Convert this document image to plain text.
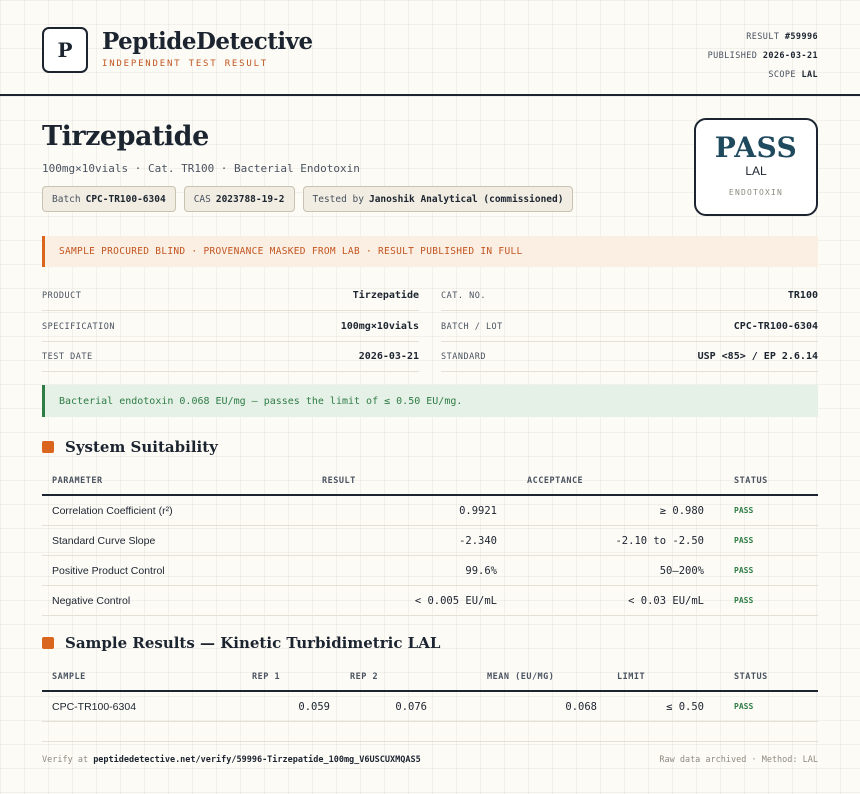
P	PeptideDetective
INDEPENDENT TEST RESULT
RESULT #59996
PUBLISHED 2026-03-21
SCOPE LAL
Tirzepatide
100mg×10vials · Cat. TR100 · Bacterial Endotoxin
Batch CPC-TR100-6304	CAS 2023788-19-2	Tested by Janoshik Analytical (commissioned)
PASS
LAL
ENDOTOXIN
SAMPLE PROCURED BLIND · PROVENANCE MASKED FROM LAB · RESULT PUBLISHED IN FULL
PRODUCT	Tirzepatide
SPECIFICATION	100mg×10vials
TEST DATE	2026-03-21
CAT. NO.	TR100
BATCH / LOT	CPC-TR100-6304
STANDARD	USP <85> / EP 2.6.14
Bacterial endotoxin 0.068 EU/mg — passes the limit of ≤ 0.50 EU/mg.
System Suitability
PARAMETER	RESULT	ACCEPTANCE	STATUS
Correlation Coefficient (r²)	0.9921	≥ 0.980	PASS
Standard Curve Slope	-2.340	-2.10 to -2.50	PASS
Positive Product Control	99.6%	50–200%	PASS
Negative Control	< 0.005 EU/mL	< 0.03 EU/mL	PASS
Sample Results — Kinetic Turbidimetric LAL
SAMPLE	REP 1	REP 2	MEAN (EU/MG)	LIMIT	STATUS
CPC-TR100-6304	0.059	0.076	0.068	≤ 0.50	PASS
Verify at peptidedetective.net/verify/59996-Tirzepatide_100mg_V6USCUXMQAS5	Raw data archived · Method: LAL
